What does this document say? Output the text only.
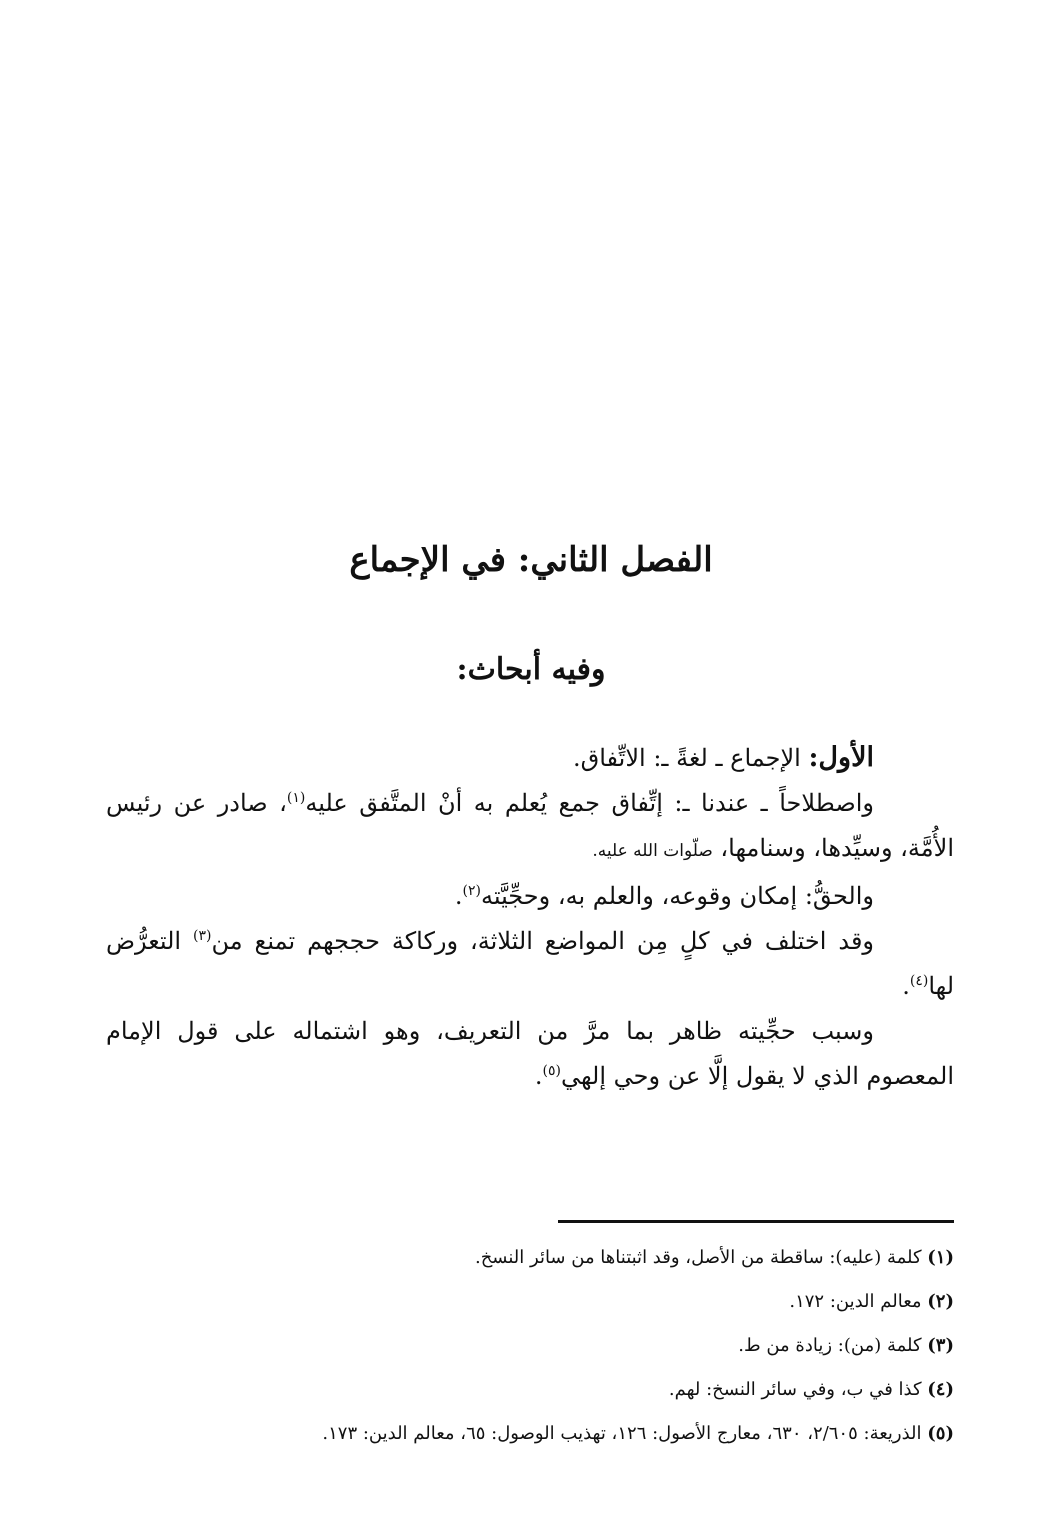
الفصل الثاني: في الإجماع
وفيه أبحاث:

الأول: الإجماع ـ لغةً ـ: الاتِّفاق.

واصطلاحاً ـ عندنا ـ: إتِّفاق جمع يُعلم به أنْ المتَّفق عليه$^{(١)}$، صادر عن رئيس الأُمَّة، وسيِّدها، وسنامها، صلّوات الله عليه.

والحقُّ: إمكان وقوعه، والعلم به، وحجِّيَّته$^{(٢)}$.

وقد اختلف في كلٍ مِن المواضع الثلاثة، وركاكة حججهم تمنع من$^{(٣)}$ التعرُّض لها$^{(٤)}$.

وسبب حجِّيته ظاهر بما مرَّ من التعريف، وهو اشتماله على قول الإمام المعصوم الذي لا يقول إلَّا عن وحي إلهي$^{(٥)}$.

(١) كلمة (عليه): ساقطة من الأصل، وقد اثبتناها من سائر النسخ.

(٢) معالم الدين: ١٧٢.

(٣) كلمة (من): زيادة من ط.

(٤) كذا في ب، وفي سائر النسخ: لهم.

(٥) الذريعة: ٢/٦٠٥، ٦٣٠، معارج الأصول: ١٢٦، تهذيب الوصول: ٦٥، معالم الدين: ١٧٣.
